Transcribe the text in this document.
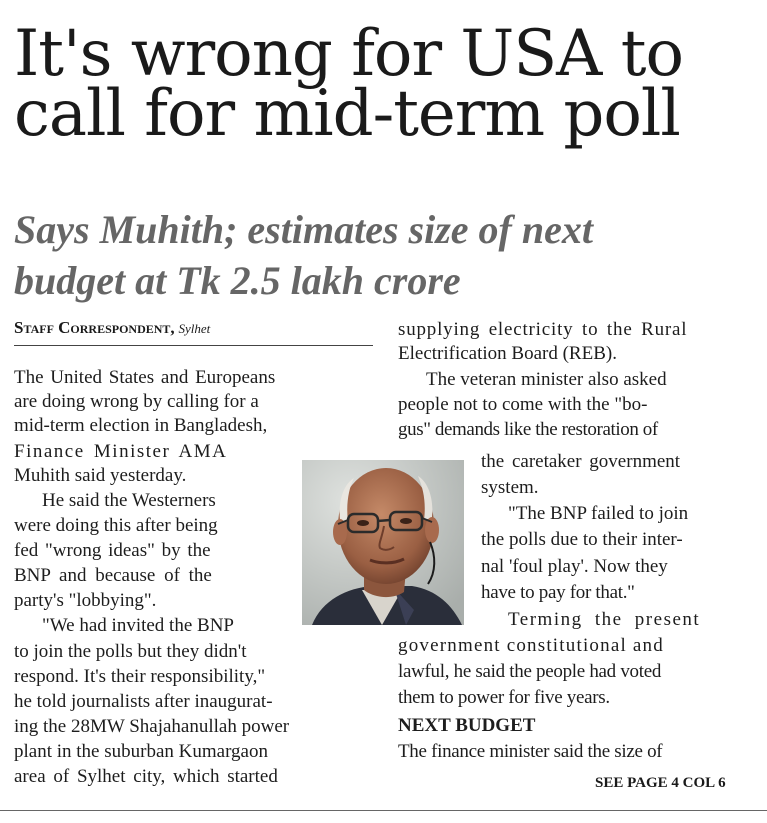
It's wrong for USA to
call for mid-term poll
Says Muhith; estimates size of next
budget at Tk 2.5 lakh crore
Staff Correspondent, Sylhet
The United States and Europeans
are doing wrong by calling for a
mid-term election in Bangladesh,
Finance Minister AMA
Muhith said yesterday.
He said the Westerners
were doing this after being
fed "wrong ideas" by the
BNP and because of the
party's "lobbying".
"We had invited the BNP
to join the polls but they didn't
respond. It's their responsibility,"
he told journalists after inaugurat-
ing the 28MW Shajahanullah power
plant in the suburban Kumargaon
area of Sylhet city, which started
supplying electricity to the Rural
Electrification Board (REB).
The veteran minister also asked
people not to come with the "bo-
gus" demands like the restoration of
the caretaker government
system.
"The BNP failed to join
the polls due to their inter-
nal 'foul play'. Now they
have to pay for that."
Terming the present
government constitutional and
lawful, he said the people had voted
them to power for five years.
NEXT BUDGET
The finance minister said the size of
SEE PAGE 4 COL 6
